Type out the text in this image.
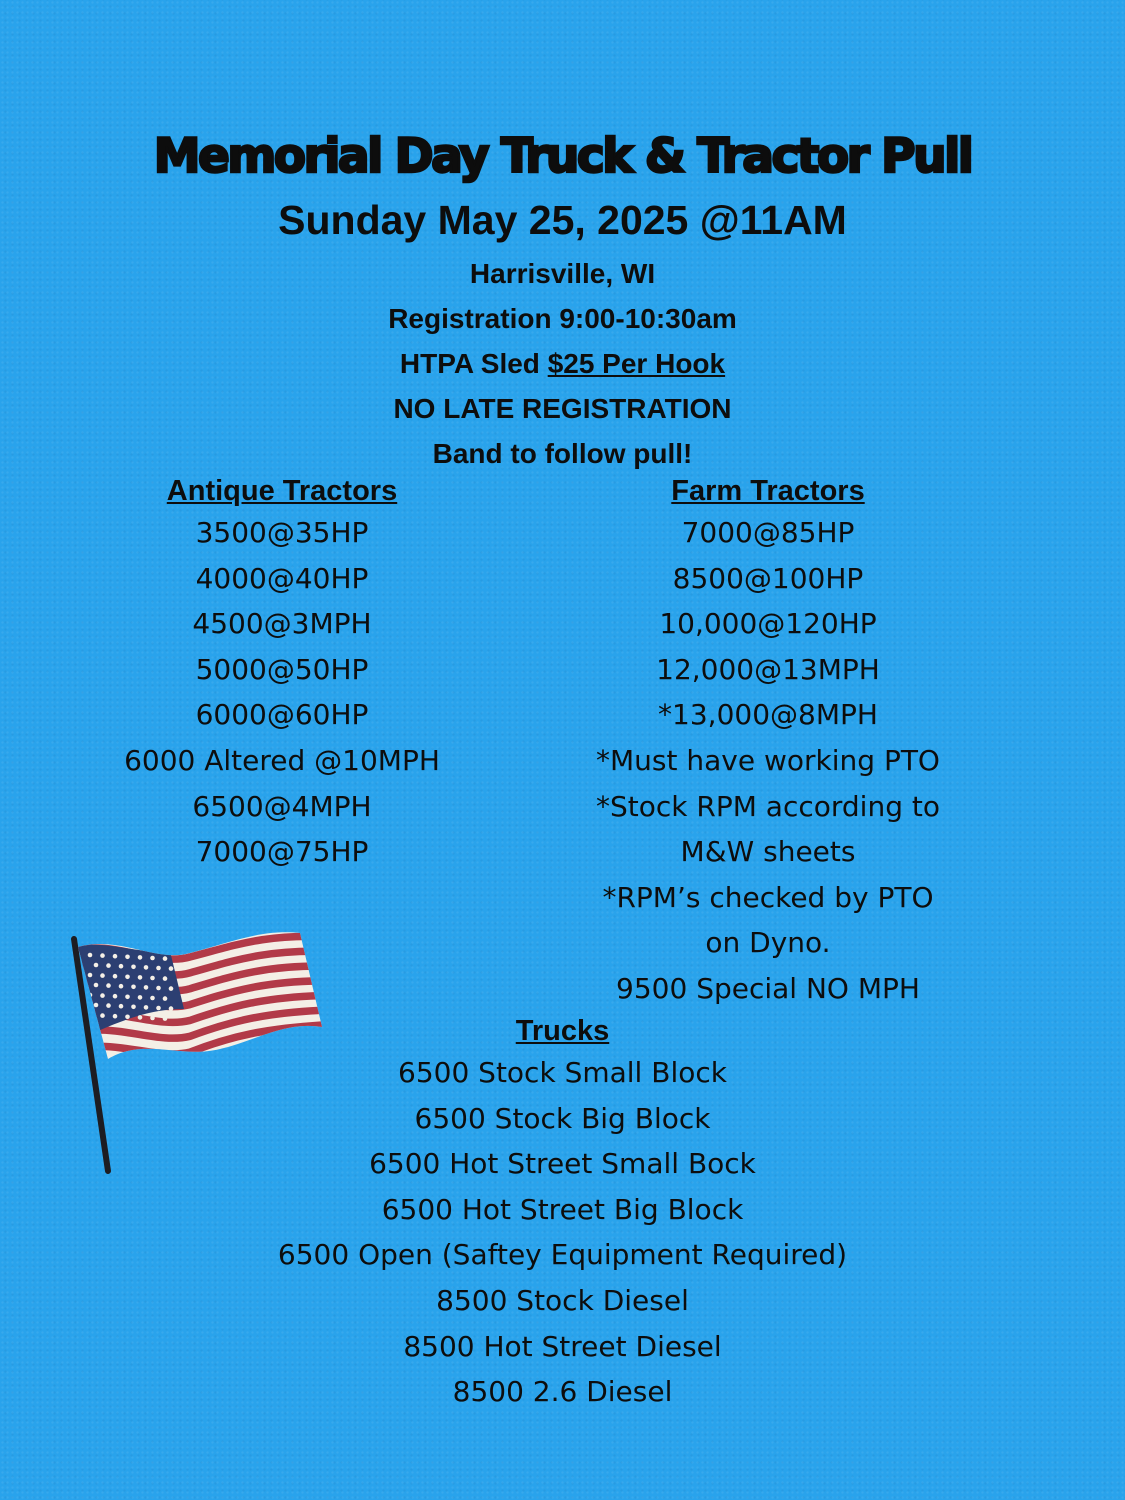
Memorial Day Truck & Tractor Pull
Sunday May 25, 2025 @11AM
Harrisville, WI
Registration 9:00-10:30am
HTPA Sled $25 Per Hook
NO LATE REGISTRATION
Band to follow pull!
Antique Tractors
3500@35HP
4000@40HP
4500@3MPH
5000@50HP
6000@60HP
6000 Altered @10MPH
6500@4MPH
7000@75HP
Farm Tractors
7000@85HP
8500@100HP
10,000@120HP
12,000@13MPH
*13,000@8MPH
*Must have working PTO
*Stock RPM according to
M&W sheets
*RPM’s checked by PTO
on Dyno.
9500 Special NO MPH
Trucks
6500 Stock Small Block
6500 Stock Big Block
6500 Hot Street Small Bock
6500 Hot Street Big Block
6500 Open (Saftey Equipment Required)
8500 Stock Diesel
8500 Hot Street Diesel
8500 2.6 Diesel
